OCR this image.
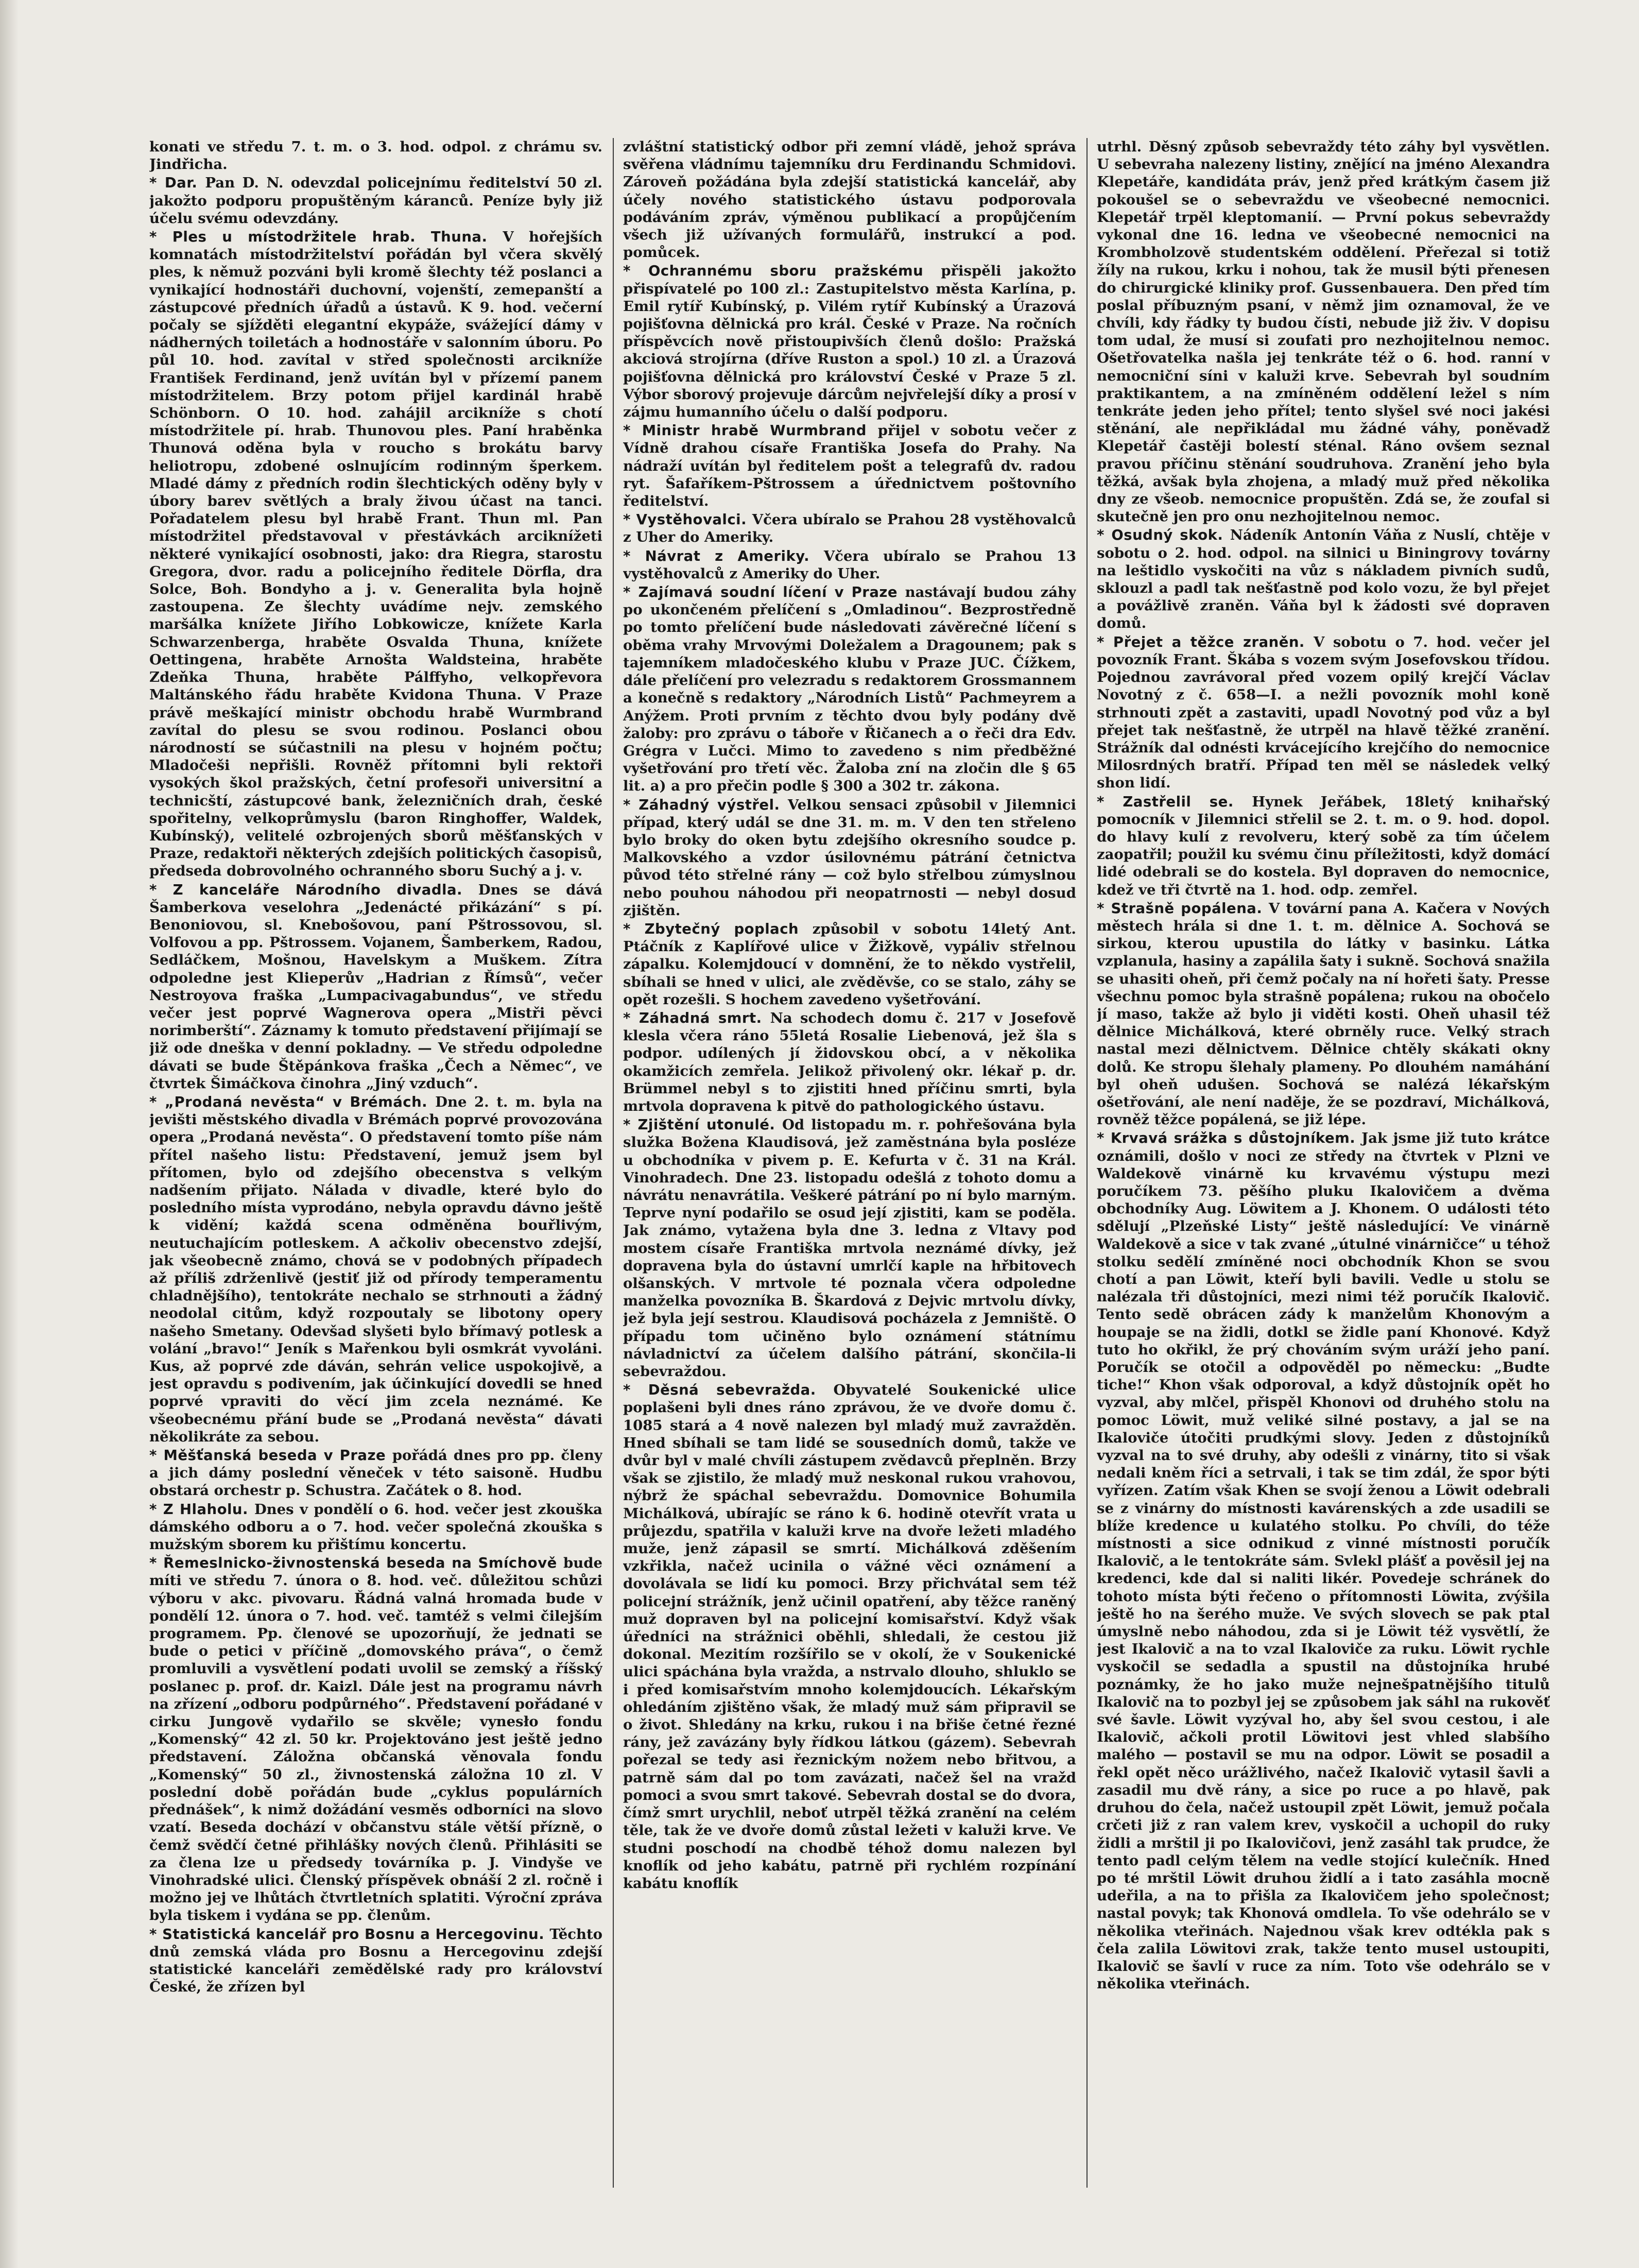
konati ve středu 7. t. m. o 3. hod. odpol. z chrámu sv. Jindřicha.

* Dar. Pan D. N. odevzdal policejnímu ředitelství 50 zl. jakožto podporu propuštěným káranců. Peníze byly již účelu svému odevzdány.

* Ples u místodržitele hrab. Thuna. V hořejších komnatách místodržitelství pořádán byl včera skvělý ples, k němuž pozváni byli kromě šlechty též poslanci a vynikající hodnostáři duchovní, vojenští, zemepanští a zástupcové předních úřadů a ústavů. K 9. hod. večerní počaly se sjížděti elegantní ekypáže, svážející dámy v nádherných toiletách a hodnostáře v salonním úboru. Po půl 10. hod. zavítal v střed společnosti arcikníže František Ferdinand, jenž uvítán byl v přízemí panem místodržitelem. Brzy potom přijel kardinál hrabě Schönborn. O 10. hod. zahájil arcikníže s chotí místodržitele pí. hrab. Thunovou ples. Paní hraběnka Thunová oděna byla v roucho s brokátu barvy heliotropu, zdobené oslnujícím rodinným šperkem. Mladé dámy z předních rodin šlechtických oděny byly v úbory barev světlých a braly živou účast na tanci. Pořadatelem plesu byl hrabě Frant. Thun ml. Pan místodržitel představoval v přestávkách arciknížeti některé vynikající osobnosti, jako: dra Riegra, starostu Gregora, dvor. radu a policejního ředitele Dörfla, dra Solce, Boh. Bondyho a j. v. Generalita byla hojně zastoupena. Ze šlechty uvádíme nejv. zemského maršálka knížete Jiřího Lobkowicze, knížete Karla Schwarzenberga, hraběte Osvalda Thuna, knížete Oettingena, hraběte Arnošta Waldsteina, hraběte Zdeňka Thuna, hraběte Pálffyho, velkopřevora Maltánského řádu hraběte Kvidona Thuna. V Praze právě meškající ministr obchodu hrabě Wurmbrand zavítal do plesu se svou rodinou. Poslanci obou národností se súčastnili na plesu v hojném počtu; Mladočeši nepřišli. Rovněž přítomni byli rektoři vysokých škol pražských, četní profesoři universitní a technicští, zástupcové bank, železničních drah, české spořitelny, velkoprůmyslu (baron Ringhoffer, Waldek, Kubínský), velitelé ozbrojených sborů měšťanských v Praze, redaktoři některých zdejších politických časopisů, předseda dobrovolného ochranného sboru Suchý a j. v.

* Z kanceláře Národního divadla. Dnes se dává Šamberkova veselohra „Jedenácté přikázání“ s pí. Benoniovou, sl. Knebošovou, paní Pštrossovou, sl. Volfovou a pp. Pštrossem. Vojanem, Šamberkem, Radou, Sedláčkem, Mošnou, Havelskym a Muškem. Zítra odpoledne jest Klieperův „Hadrian z Římsů“, večer Nestroyova fraška „Lumpacivagabundus“, ve středu večer jest poprvé Wagnerova opera „Mistři pěvci norimberští“. Záznamy k tomuto představení přijímají se již ode dneška v denní pokladny. — Ve středu odpoledne dávati se bude Štěpánkova fraška „Čech a Němec“, ve čtvrtek Šimáčkova činohra „Jiný vzduch“.

* „Prodaná nevěsta“ v Brémách. Dne 2. t. m. byla na jevišti městského divadla v Brémách poprvé provozována opera „Prodaná nevěsta“. O představení tomto píše nám přítel našeho listu: Představení, jemuž jsem byl přítomen, bylo od zdejšího obecenstva s velkým nadšením přijato. Nálada v divadle, které bylo do posledního místa vyprodáno, nebyla opravdu dávno ještě k vidění; každá scena odměněna bouřlivým, neutuchajícím potleskem. A ačkoliv obecenstvo zdejší, jak všeobecně známo, chová se v podobných případech až příliš zdrženlivě (jestiť již od přírody temperamentu chladnějšího), tentokráte nechalo se strhnouti a žádný neodolal citům, když rozpoutaly se libotony opery našeho Smetany. Odevšad slyšeti bylo břímavý potlesk a volání „bravo!“ Jeník s Mařenkou byli osmkrát vyvoláni. Kus, až poprvé zde dáván, sehrán velice uspokojivě, a jest opravdu s podivením, jak účinkující dovedli se hned poprvé vpraviti do věcí jim zcela neznámé. Ke všeobecnému přání bude se „Prodaná nevěsta“ dávati několikráte za sebou.

* Měšťanská beseda v Praze pořádá dnes pro pp. členy a jich dámy poslední věneček v této saisoně. Hudbu obstará orchestr p. Schustra. Začátek o 8. hod.

* Z Hlaholu. Dnes v pondělí o 6. hod. večer jest zkouška dámského odboru a o 7. hod. večer společná zkouška s mužským sborem ku přištímu koncertu.

* Řemeslnicko-živnostenská beseda na Smíchově bude míti ve středu 7. února o 8. hod. več. důležitou schůzi výboru v akc. pivovaru. Řádná valná hromada bude v pondělí 12. února o 7. hod. več. tamtéž s velmi čilejším programem. Pp. členové se upozorňují, že jednati se bude o petici v příčině „domovského práva“, o čemž promluvili a vysvětlení podati uvolil se zemský a říšský poslanec p. prof. dr. Kaizl. Dále jest na programu návrh na zřízení „odboru podpůrného“. Představení pořádané v cirku Jungově vydařilo se skvěle; vynesło fondu „Komenský“ 42 zl. 50 kr. Projektováno jest ještě jedno představení. Záložna občanská věnovala fondu „Komenský“ 50 zl., živnostenská záložna 10 zl. V poslední době pořádán bude „cyklus populárních přednášek“, k nimž dožádání vesměs odborníci na slovo vzatí. Beseda dochází v občanstvu stále větší přízně, o čemž svědčí četné přihlášky nových členů. Přihlásiti se za člena lze u předsedy továrníka p. J. Vindyše ve Vinohradské ulici. Členský příspěvek obnáší 2 zl. ročně i možno jej ve lhůtách čtvrtletních splatiti. Výroční zpráva byla tiskem i vydána se pp. členům.

* Statistická kancelář pro Bosnu a Hercegovinu. Těchto dnů zemská vláda pro Bosnu a Hercegovinu zdejší statistické kanceláři zemědělské rady pro království České, že zřízen byl

zvláštní statistický odbor při zemní vládě, jehož správa svěřena vládnímu tajemníku dru Ferdinandu Schmidovi. Zároveň požádána byla zdejší statistická kancelář, aby účely nového statistického ústavu podporovala podáváním zpráv, výměnou publikací a propůjčením všech již užívaných formulářů, instrukcí a pod. pomůcek.

* Ochrannému sboru pražskému přispěli jakožto přispívatelé po 100 zl.: Zastupitelstvo města Karlína, p. Emil rytíř Kubínský, p. Vilém rytíř Kubínský a Úrazová pojišťovna dělnická pro král. České v Praze. Na ročních příspěvcích nově přistoupivších členů došlo: Pražská akciová strojírna (dříve Ruston a spol.) 10 zl. a Úrazová pojišťovna dělnická pro království České v Praze 5 zl. Výbor sborový projevuje dárcům nejvřelejší díky a prosí v zájmu humanního účelu o další podporu.

* Ministr hrabě Wurmbrand přijel v sobotu večer z Vídně drahou císaře Františka Josefa do Prahy. Na nádraží uvítán byl ředitelem pošt a telegrafů dv. radou ryt. Šafaříkem-Pštrossem a úřednictvem poštovního ředitelství.

* Vystěhovalci. Včera ubíralo se Prahou 28 vystěhovalců z Uher do Ameriky.

* Návrat z Ameriky. Včera ubíralo se Prahou 13 vystěhovalců z Ameriky do Uher.

* Zajímavá soudní líčení v Praze nastávají budou záhy po ukončeném přelíčení s „Omladinou“. Bezprostředně po tomto přelíčení bude následovati závěrečné líčení s oběma vrahy Mrvovými Doležalem a Dragounem; pak s tajemníkem mladočeského klubu v Praze JUC. Čížkem, dále přelíčení pro velezradu s redaktorem Grossmannem a konečně s redaktory „Národních Listů“ Pachmeyrem a Anýžem. Proti prvním z těchto dvou byly podány dvě žaloby: pro zprávu o táboře v Řičanech a o řeči dra Edv. Grégra v Lučci. Mimo to zavedeno s nim předběžné vyšetřování pro třetí věc. Žaloba zní na zločin dle § 65 lit. a) a pro přečin podle § 300 a 302 tr. zákona.

* Záhadný výstřel. Velkou sensaci způsobil v Jilemnici případ, který udál se dne 31. m. m. V den ten střeleno bylo broky do oken bytu zdejšího okresního soudce p. Malkovského a vzdor úsilovnému pátrání četnictva původ této střelné rány — což bylo střelbou zúmyslnou nebo pouhou náhodou při neopatrnosti — nebyl dosud zjištěn.

* Zbytečný poplach způsobil v sobotu 14letý Ant. Ptáčník z Kaplířové ulice v Žižkově, vypáliv střelnou zápalku. Kolemjdoucí v domnění, že to někdo vystřelil, sbíhali se hned v ulici, ale zvěděvše, co se stalo, záhy se opět rozešli. S hochem zavedeno vyšetřování.

* Záhadná smrt. Na schodech domu č. 217 v Josefově klesla včera ráno 55letá Rosalie Liebenová, jež šla s podpor. udílených jí židovskou obcí, a v několika okamžicích zemřela. Jelikož přivolený okr. lékař p. dr. Brümmel nebyl s to zjistiti hned příčinu smrti, byla mrtvola dopravena k pitvě do pathologického ústavu.

* Zjištění utonulé. Od listopadu m. r. pohřešována byla služka Božena Klaudisová, jež zaměstnána byla posléze u obchodníka v pivem p. E. Kefurta v č. 31 na Král. Vinohradech. Dne 23. listopadu odešlá z tohoto domu a návrátu nenavrátila. Veškeré pátrání po ní bylo marným. Teprve nyní podařilo se osud její zjistiti, kam se poděla. Jak známo, vytažena byla dne 3. ledna z Vltavy pod mostem císaře Františka mrtvola neznámé dívky, jež dopravena byla do ústavní umrlčí kaple na hřbitovech olšanských. V mrtvole té poznala včera odpoledne manželka povozníka B. Škardová z Dejvic mrtvolu dívky, jež byla její sestrou. Klaudisová pocházela z Jemniště. O případu tom učiněno bylo oznámení státnímu návladnictví za účelem dalšího pátrání, skončila-li sebevraždou.

* Děsná sebevražda. Obyvatelé Soukenické ulice poplašeni byli dnes ráno zprávou, že ve dvoře domu č. 1085 stará a 4 nově nalezen byl mladý muž zavražděn. Hned sbíhali se tam lidé se sousedních domů, takže ve dvůr byl v malé chvíli zástupem zvědavců přeplněn. Brzy však se zjistilo, že mladý muž neskonal rukou vrahovou, nýbrž že spáchal sebevraždu. Domovnice Bohumila Michálková, ubírajíc se ráno k 6. hodině otevřít vrata u průjezdu, spatřila v kaluži krve na dvoře ležeti mladého muže, jenž zápasil se smrtí. Michálková zděšením vzkřikla, načež ucinila o vážné věci oznámení a dovolávala se lidí ku pomoci. Brzy přichvátal sem též policejní strážník, jenž učinil opatření, aby těžce raněný muž dopraven byl na policejní komisařství. Když však úředníci na strážnici oběhli, shledali, že cestou již dokonal. Mezitím rozšířilo se v okolí, že v Soukenické ulici spáchána byla vražda, a nstrvalo dlouho, shluklo se i před komisařstvím mnoho kolemjdoucích. Lékařským ohledáním zjištěno však, že mladý muž sám připravil se o život. Shledány na krku, rukou i na břiše četné řezné rány, jež zavázány byly řídkou látkou (gázem). Sebevrah pořezal se tedy asi řeznickým nožem nebo břitvou, a patrně sám dal po tom zavázati, načež šel na vražd pomoci a svou smrt takové. Sebevrah dostal se do dvora, čímž smrt urychlil, neboť utrpěl těžká zranění na celém těle, tak že ve dvoře domů zůstal ležeti v kaluži krve. Ve studni poschodí na chodbě téhož domu nalezen byl knoflík od jeho kabátu, patrně při rychlém rozpínání kabátu knoflík

utrhl. Děsný způsob sebevraždy této záhy byl vysvětlen. U sebevraha nalezeny listiny, znějící na jméno Alexandra Klepetáře, kandidáta práv, jenž před krátkým časem již pokoušel se o sebevraždu ve všeobecné nemocnici. Klepetář trpěl kleptomanií. — První pokus sebevraždy vykonal dne 16. ledna ve všeobecné nemocnici na Krombholzově studentském oddělení. Přeřezal si totiž žíly na rukou, krku i nohou, tak že musil býti přenesen do chirurgické kliniky prof. Gussenbauera. Den před tím poslal příbuzným psaní, v němž jim oznamoval, že ve chvíli, kdy řádky ty budou čísti, nebude již živ. V dopisu tom udal, že musí si zoufati pro nezhojitelnou nemoc. Ošetřovatelka našla jej tenkráte též o 6. hod. ranní v nemocniční síni v kaluži krve. Sebevrah byl soudním praktikantem, a na zmíněném oddělení ležel s ním tenkráte jeden jeho přítel; tento slyšel své noci jakési stěnání, ale nepřikládal mu žádné váhy, poněvadž Klepetář častěji bolestí sténal. Ráno ovšem seznal pravou příčinu stěnání soudruhova. Zranění jeho byla těžká, avšak byla zhojena, a mladý muž před několika dny ze všeob. nemocnice propuštěn. Zdá se, že zoufal si skutečně jen pro onu nezhojitelnou nemoc.

* Osudný skok. Nádeník Antonín Váňa z Nuslí, chtěje v sobotu o 2. hod. odpol. na silnici u Biningrovy továrny na leštidlo vyskočiti na vůz s nákladem pivních sudů, sklouzl a padl tak nešťastně pod kolo vozu, že byl přejet a povážlivě zraněn. Váňa byl k žádosti své dopraven domů.

* Přejet a těžce zraněn. V sobotu o 7. hod. večer jel povozník Frant. Škába s vozem svým Josefovskou třídou. Pojednou zavrávoral před vozem opilý krejčí Václav Novotný z č. 658—I. a nežli povozník mohl koně strhnouti zpět a zastaviti, upadl Novotný pod vůz a byl přejet tak nešťastně, že utrpěl na hlavě těžké zranění. Strážník dal odnésti krvácejícího krejčího do nemocnice Milosrdných bratří. Případ ten měl se následek velký shon lidí.

* Zastřelil se. Hynek Jeřábek, 18letý knihařský pomocník v Jilemnici střelil se 2. t. m. o 9. hod. dopol. do hlavy kulí z revolveru, který sobě za tím účelem zaopatřil; použil ku svému činu příležitosti, když domácí lidé odebrali se do kostela. Byl dopraven do nemocnice, kdež ve tři čtvrtě na 1. hod. odp. zemřel.

* Strašně popálena. V tovární pana A. Kačera v Nových městech hrála si dne 1. t. m. dělnice A. Sochová se sirkou, kterou upustila do látky v basinku. Látka vzplanula, hasiny a zapálila šaty i sukně. Sochová snažila se uhasiti oheň, při čemž počaly na ní hořeti šaty. Presse všechnu pomoc byla strašně popálena; rukou na obočelo jí maso, takže až bylo ji viděti kosti. Oheň uhasil též dělnice Michálková, které obrněly ruce. Velký strach nastal mezi dělnictvem. Dělnice chtěly skákati okny dolů. Ke stropu šlehaly plameny. Po dlouhém namáhání byl oheň udušen. Sochová se nalézá lékařským ošetřování, ale není naděje, že se pozdraví, Michálková, rovněž těžce popálená, se již lépe.

* Krvavá srážka s důstojníkem. Jak jsme již tuto krátce oznámili, došlo v noci ze středy na čtvrtek v Plzni ve Waldekově vinárně ku krvavému výstupu mezi poručíkem 73. pěšího pluku Ikalovičem a dvěma obchodníky Aug. Löwitem a J. Khonem. O události této sdělují „Plzeňské Listy“ ještě následující: Ve vinárně Waldekově a sice v tak zvané „útulné vinárničce“ u téhož stolku sedělí zmíněné noci obchodník Khon se svou chotí a pan Löwit, kteří byli bavili. Vedle u stolu se nalézala tři důstojníci, mezi nimi též poručík Ikalovič. Tento sedě obrácen zády k manželům Khonovým a houpaje se na židli, dotkl se židle paní Khonové. Když tuto ho okřikl, že prý chováním svým uráží jeho paní. Poručík se otočil a odpověděl po německu: „Budte tiche!“ Khon však odporoval, a když důstojník opět ho vyzval, aby mlčel, přispěl Khonovi od druhého stolu na pomoc Löwit, muž veliké silné postavy, a jal se na Ikaloviče útočiti prudkými slovy. Jeden z důstojníků vyzval na to své druhy, aby odešli z vinárny, tito si však nedali kněm říci a setrvali, i tak se tim zdál, že spor býti vyřízen. Zatím však Khen se svojí ženou a Löwit odebrali se z vinárny do místnosti kavárenských a zde usadili se blíže kredence u kulatého stolku. Po chvíli, do téže místnosti a sice odnikud z vinné místnosti poručík Ikalovič, a le tentokráte sám. Svlekl plášť a pověsil jej na kredenci, kde dal si naliti likér. Povedeje schránek do tohoto místa býti řečeno o přítomnosti Löwita, zvýšila ještě ho na šerého muže. Ve svých slovech se pak ptal úmyslně nebo náhodou, zda si je Löwit též vysvětlí, že jest Ikalovič a na to vzal Ikaloviče za ruku. Löwit rychle vyskočil se sedadla a spustil na důstojníka hrubé poznámky, že ho jako muže nejnešpatnějšího titulů Ikalovič na to pozbyl jej se způsobem jak sáhl na rukověť své šavle. Löwit vyzýval ho, aby šel svou cestou, i ale Ikalovič, ačkoli protil Löwitovi jest vhled slabšího malého — postavil se mu na odpor. Löwit se posadil a řekl opět něco urážlivého, načež Ikalovič vytasil šavli a zasadil mu dvě rány, a sice po ruce a po hlavě, pak druhou do čela, načež ustoupil zpět Löwit, jemuž počala crčeti již z ran valem krev, vyskočil a uchopil do ruky židli a mrštil ji po Ikalovičovi, jenž zasáhl tak prudce, že tento padl celým tělem na vedle stojící kulečník. Hned po té mrštil Löwit druhou židlí a i tato zasáhla mocně udeřila, a na to přišla za Ikalovičem jeho společnost; nastal povyk; tak Khonová omdlela. To vše odehrálo se v několika vteřinách. Najednou však krev odtékla pak s čela zalila Löwitovi zrak, takže tento musel ustoupiti, Ikalovič se šavlí v ruce za ním. Toto vše odehrálo se v několika vteřinách.
